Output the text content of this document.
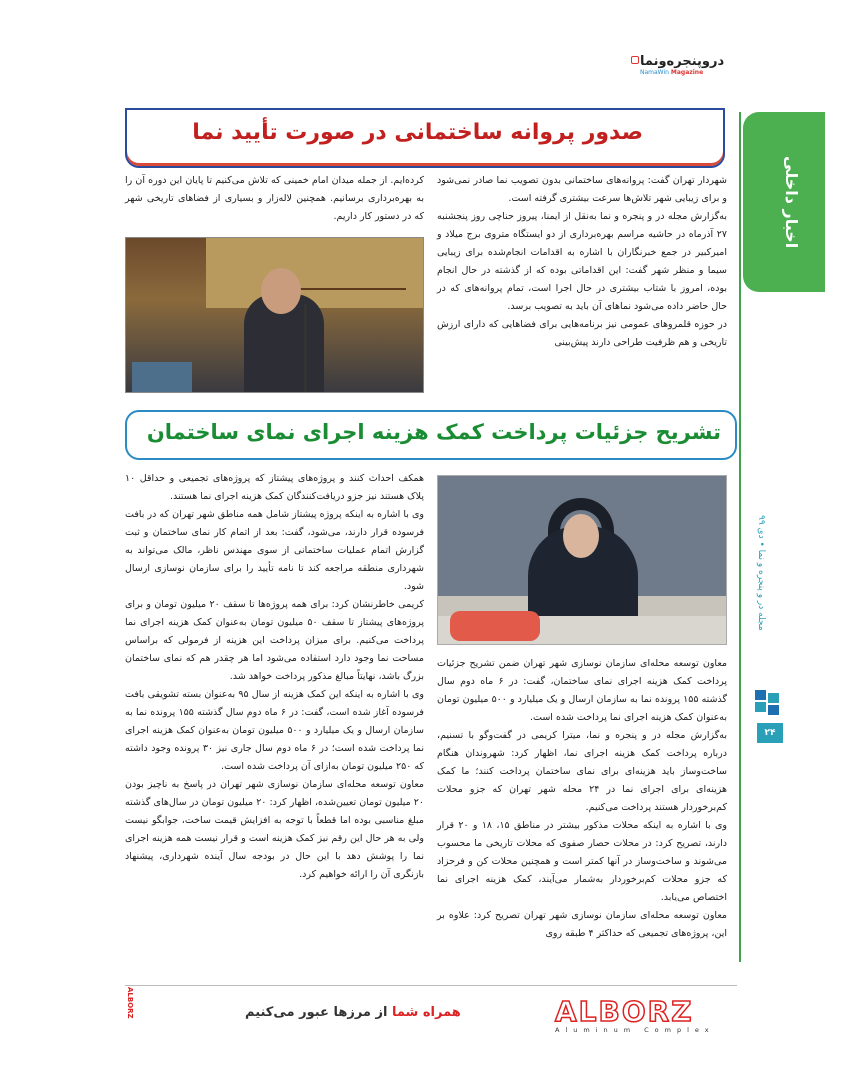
دروپنجره‌ونما
NamaWin Magazine
اخبار داخلی
مجله در و پنجره و نما • دی ۹۹
۲۴
صدور پروانه ساختمانی در صورت تأیید نما

شهردار تهران گفت: پروانه‌های ساختمانی بدون تصویب نما صادر نمی‌شود و برای زیبایی شهر تلاش‌ها سرعت بیشتری گرفته است.

به‌گزارش مجله در و پنجره و نما به‌نقل از ایمنا، پیروز حناچی روز پنجشنبه ۲۷ آذرماه در حاشیه مراسم بهره‌برداری از دو ایستگاه متروی برج میلاد و امیرکبیر در جمع خبرنگاران با اشاره به اقدامات انجام‌شده برای زیبایی سیما و منظر شهر گفت: این اقداماتی بوده که از گذشته در حال انجام بوده، امروز با شتاب بیشتری در حال اجرا است، تمام پروانه‌های که در حال حاضر داده می‌شود نماهای آن باید به تصویب برسد.

در حوزه قلمروهای عمومی نیز برنامه‌هایی برای فضاهایی که دارای ارزش تاریخی و هم ظرفیت طراحی دارند پیش‌بینی

کرده‌ایم. از جمله میدان امام خمینی که تلاش می‌کنیم تا پایان این دوره آن را به بهره‌برداری برسانیم. همچنین لاله‌زار و بسیاری از فضاهای تاریخی شهر که در دستور کار داریم.

تشریح جزئیات پرداخت کمک هزینه اجرای نمای ساختمان

معاون توسعه محله‌ای سازمان نوسازی شهر تهران ضمن تشریح جزئیات پرداخت کمک هزینه اجرای نمای ساختمان، گفت: در ۶ ماه دوم سال گذشته ۱۵۵ پرونده نما به سازمان ارسال و یک میلیارد و ۵۰۰ میلیون تومان به‌عنوان کمک هزینه اجرای نما پرداخت شده است.

به‌گزارش مجله در و پنجره و نما، میترا کریمی در گفت‌وگو با تسنیم، درباره پرداخت کمک هزینه اجرای نما، اظهار کرد: شهروندان هنگام ساخت‌وساز باید هزینه‌ای برای نمای ساختمان پرداخت کنند؛ ما کمک هزینه‌ای برای اجرای نما در ۲۴ محله شهر تهران که جزو محلات کم‌برخوردار هستند پرداخت می‌کنیم.

وی با اشاره به اینکه محلات مذکور بیشتر در مناطق ۱۵، ۱۸ و ۲۰ قرار دارند، تصریح کرد: در محلات حصار صفوی که محلات تاریخی ما محسوب می‌شوند و ساخت‌وساز در آنها کمتر است و همچنین محلات کن و فرحزاد که جزو محلات کم‌برخوردار به‌شمار می‌آیند، کمک هزینه اجرای نما اختصاص می‌یابد.

معاون توسعه محله‌ای سازمان نوسازی شهر تهران تصریح کرد: علاوه بر این، پروژه‌های تجمیعی که حداکثر ۴ طبقه روی

همکف احداث کنند و پروژه‌های پیشتاز که پروژه‌های تجمیعی و حداقل ۱۰ پلاک هستند نیز جزو دریافت‌کنندگان کمک هزینه اجرای نما هستند.

وی با اشاره به اینکه پروژه پیشتاز شامل همه مناطق شهر تهران که در بافت فرسوده قرار دارند، می‌شود، گفت: بعد از اتمام کار نمای ساختمان و ثبت گزارش اتمام عملیات ساختمانی از سوی مهندس ناظر، مالک می‌تواند به شهرداری منطقه مراجعه کند تا نامه تأیید را برای سازمان نوسازی ارسال شود.

کریمی خاطرنشان کرد: برای همه پروژه‌ها تا سقف ۲۰ میلیون تومان و برای پروژه‌های پیشتاز تا سقف ۵۰ میلیون تومان به‌عنوان کمک هزینه اجرای نما پرداخت می‌کنیم. برای میزان پرداخت این هزینه از فرمولی که براساس مساحت نما وجود دارد استفاده می‌شود اما هر چقدر هم که نمای ساختمان بزرگ باشد، نهایتاً مبالغ مذکور پرداخت خواهد شد.

وی با اشاره به اینکه این کمک هزینه از سال ۹۵ به‌عنوان بسته تشویقی بافت فرسوده آغاز شده است، گفت: در ۶ ماه دوم سال گذشته ۱۵۵ پرونده نما به سازمان ارسال و یک میلیارد و ۵۰۰ میلیون تومان به‌عنوان کمک هزینه اجرای نما پرداخت شده است؛ در ۶ ماه دوم سال جاری نیز ۳۰ پرونده وجود داشته که ۲۵۰ میلیون تومان به‌ازای آن پرداخت شده است.

معاون توسعه محله‌ای سازمان نوسازی شهر تهران در پاسخ به ناچیز بودن ۲۰ میلیون تومان تعیین‌شده، اظهار کرد: ۲۰ میلیون تومان در سال‌های گذشته مبلغ مناسبی بوده اما قطعاً با توجه به افزایش قیمت ساخت، جوابگو نیست ولی به هر حال این رقم نیز کمک هزینه است و قرار نیست همه هزینه اجرای نما را پوشش دهد با این حال در بودجه سال آینده شهرداری، پیشنهاد بازنگری آن را ارائه خواهیم کرد.

ALBORZ	همراه شما از مرزها عبور می‌کنیم	ALBORZ
Aluminum Complex
